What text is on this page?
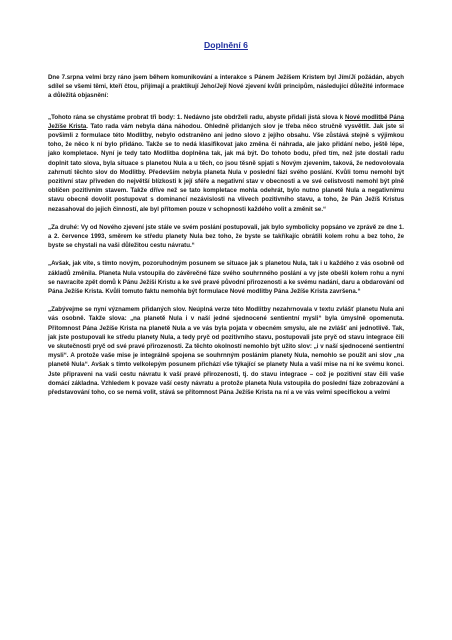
Doplnění 6

Dne 7.srpna velmi brzy ráno jsem během komunikování a interakce s Pánem Ježíšem Kristem byl Jím/Jí požádán, abych sdílel se všemi těmi, kteří čtou, přijímají a praktikují Jeho/Její Nové zjevení kvůli principům, následující důležité informace a důležitá objasnění:

„Tohoto rána se chystáme probrat tři body: 1. Nedávno jste obdrželi radu, abyste přidali jistá slova k Nové modlitbě Pána Ježíše Krista. Tato rada vám nebyla dána náhodou. Ohledně přidaných slov je třeba něco stručně vysvětlit. Jak jste si povšimli z formulace této Modlitby, nebylo odstraněno ani jedno slovo z jejího obsahu. Vše zůstává stejně s výjimkou toho, že něco k ní bylo přidáno. Takže se to nedá klasifikovat jako změna či náhrada, ale jako přidání nebo, ještě lépe, jako kompletace. Nyní je tedy tato Modlitba doplněna tak, jak má být. Do tohoto bodu, před tím, než jste dostali radu doplnit tato slova, byla situace s planetou Nula a u těch, co jsou těsně spjati s Novým zjevením, taková, že nedovolovala zahrnutí těchto slov do Modlitby. Především nebyla planeta Nula v poslední fázi svého poslání. Kvůli tomu nemohl být pozitivní stav přiveden do největší blízkosti k její sféře a negativní stav v obecnosti a ve své celistvosti nemohl být plně oblíčen pozitivním stavem. Takže dříve než se tato kompletace mohla odehrát, bylo nutno planetě Nula a negativnímu stavu obecně dovolit postupovat s dominancí nezávislosti na vlivech pozitivního stavu, a toho, že Pán Ježíš Kristus nezasahoval do jejich činností, ale byl přítomen pouze v schopnosti každého volit a změnit se.“

„Za druhé: Vy od Nového zjevení jste stále ve svém poslání postupovali, jak bylo symbolicky popsáno ve zprávě ze dne 1. a 2. července 1993, směrem ke středu planety Nula bez toho, že byste se takříkajíc obrátili kolem rohu a bez toho, že byste se chystali na vaši důležitou cestu návratu.“

„Avšak, jak víte, s tímto novým, pozoruhodným posunem se situace jak s planetou Nula, tak i u každého z vás osobně od základů změnila. Planeta Nula vstoupila do závěrečné fáze svého souhrnného poslání a vy jste obešli kolem rohu a nyní se navracíte zpět domů k Pánu Ježíši Kristu a ke své pravé původní přirozenosti a ke svému nadání, daru a obdarování od Pána Ježíše Krista. Kvůli tomuto faktu nemohla být formulace Nové modlitby Pána Ježíše Krista završena.“

„Zabývejme se nyní významem přidaných slov. Neúplná verze této Modlitby nezahrnovala v textu zvlášť planetu Nula ani vás osobně. Takže slova: „na planetě Nula i v naší jedné sjednocené sentientní mysli“ byla úmyslně opomenuta. Přítomnost Pána Ježíše Krista na planetě Nula a ve vás byla pojata v obecném smyslu, ale ne zvlášť ani jednotlivě. Tak, jak jste postupovali ke středu planety Nula, a tedy pryč od pozitivního stavu, postupovali jste pryč od stavu integrace čili ve skutečnosti pryč od své pravé přirozenosti. Za těchto okolností nemohlo být užito slov: „i v naší sjednocené sentientní mysli“. A protože vaše mise je integrálně spojena se souhrnným posláním planety Nula, nemohlo se použít ani slov „na planetě Nula“. Avšak s tímto velkolepým posunem přichází vše týkající se planety Nula a vaší mise na ní ke svému konci. Jste připraveni na vaši cestu návratu k vaší pravé přirozenosti, tj. do stavu integrace – což je pozitivní stav čili vaše domácí základna. Vzhledem k povaze vaší cesty návratu a protože planeta Nula vstoupila do poslední fáze zobrazování a představování toho, co se nemá volit, stává se přítomnost Pána Ježíše Krista na ní a ve vás velmi specifickou a velmi
